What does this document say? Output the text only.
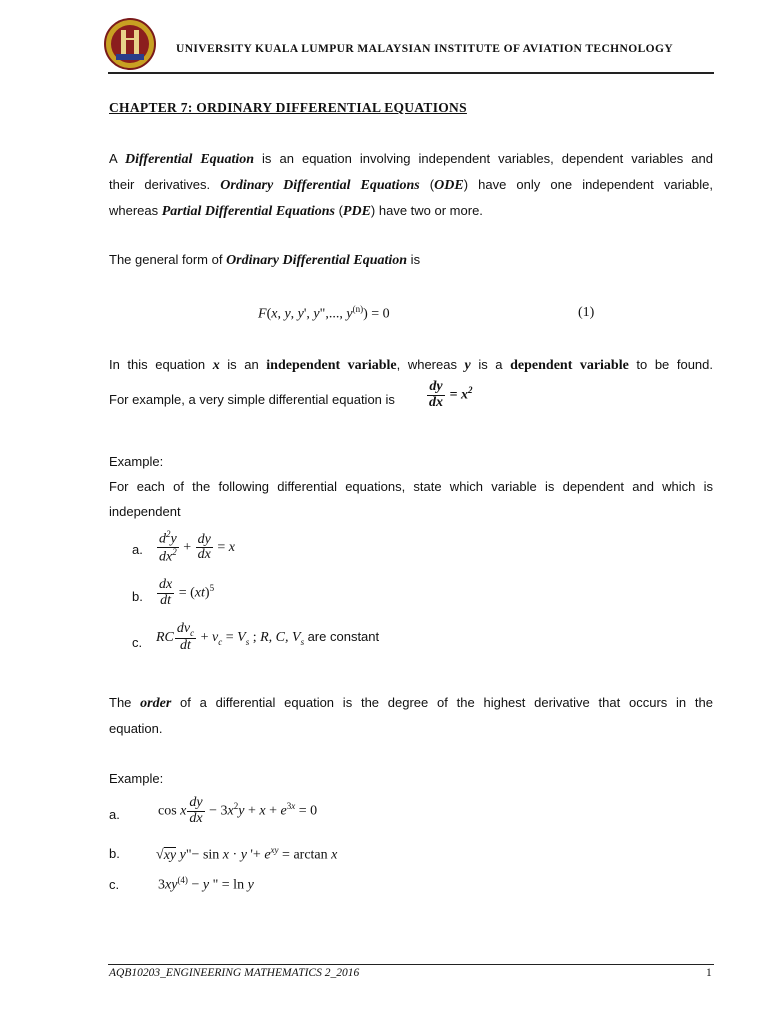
UNIVERSITY KUALA LUMPUR MALAYSIAN INSTITUTE OF AVIATION TECHNOLOGY
CHAPTER 7: ORDINARY DIFFERENTIAL EQUATIONS
A Differential Equation is an equation involving independent variables, dependent variables and
their derivatives. Ordinary Differential Equations (ODE) have only one independent variable,
whereas Partial Differential Equations (PDE) have two or more.
The general form of Ordinary Differential Equation is
F(x, y, y', y",..., $y^{(n)}) = 0$	(1)
In this equation x is an independent variable, whereas y is a dependent variable to be found.
For example, a very simple differential equation is $\frac{dy}{dx} = x^2$
Example:
For each of the following differential equations, state which variable is dependent and which is
independent
a. $\frac{d^2y}{dx^2} + \frac{dy}{dx} = x$
b. $\frac{dx}{dt} = (xt)^5$
c. RC $\frac{dv_c}{dt} + v_c = V_s$ ; R, C, $V_s$ are constant
The order of a differential equation is the degree of the highest derivative that occurs in the
equation.
Example:
a.	cos x $\frac{dy}{dx} - 3x^2y + x + e^{3x} = 0$
b.	√xy y"− sin x · y '+ $e^{xy} = \arctan x$
c.	$3xy^{(4)} - y$ " = ln y
AQB10203_ENGINEERING MATHEMATICS 2_2016	1
